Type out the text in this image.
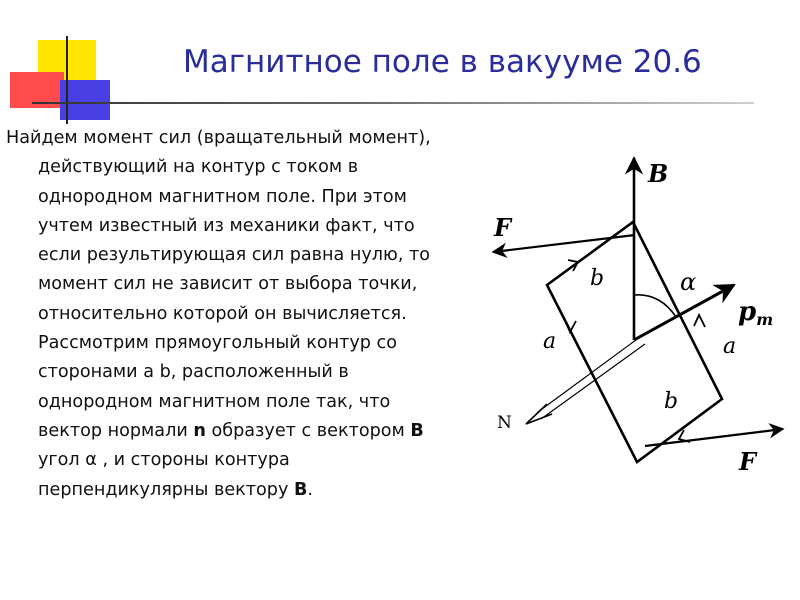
Магнитное поле в вакууме 20.6
Найдем момент сил (вращательный момент),
действующий на контур с током в
однородном магнитном поле. При этом
учтем известный из механики факт, что
если результирующая сил равна нулю, то
момент сил не зависит от выбора точки,
относительно которой он вычисляется.
Рассмотрим прямоугольный контур со
сторонами a b, расположенный в
однородном магнитном поле так, что
вектор нормали n образует с вектором B
угол α , и стороны контура
перпендикулярны вектору B.
B
F
F
pm
α
N
b
b
a	a
